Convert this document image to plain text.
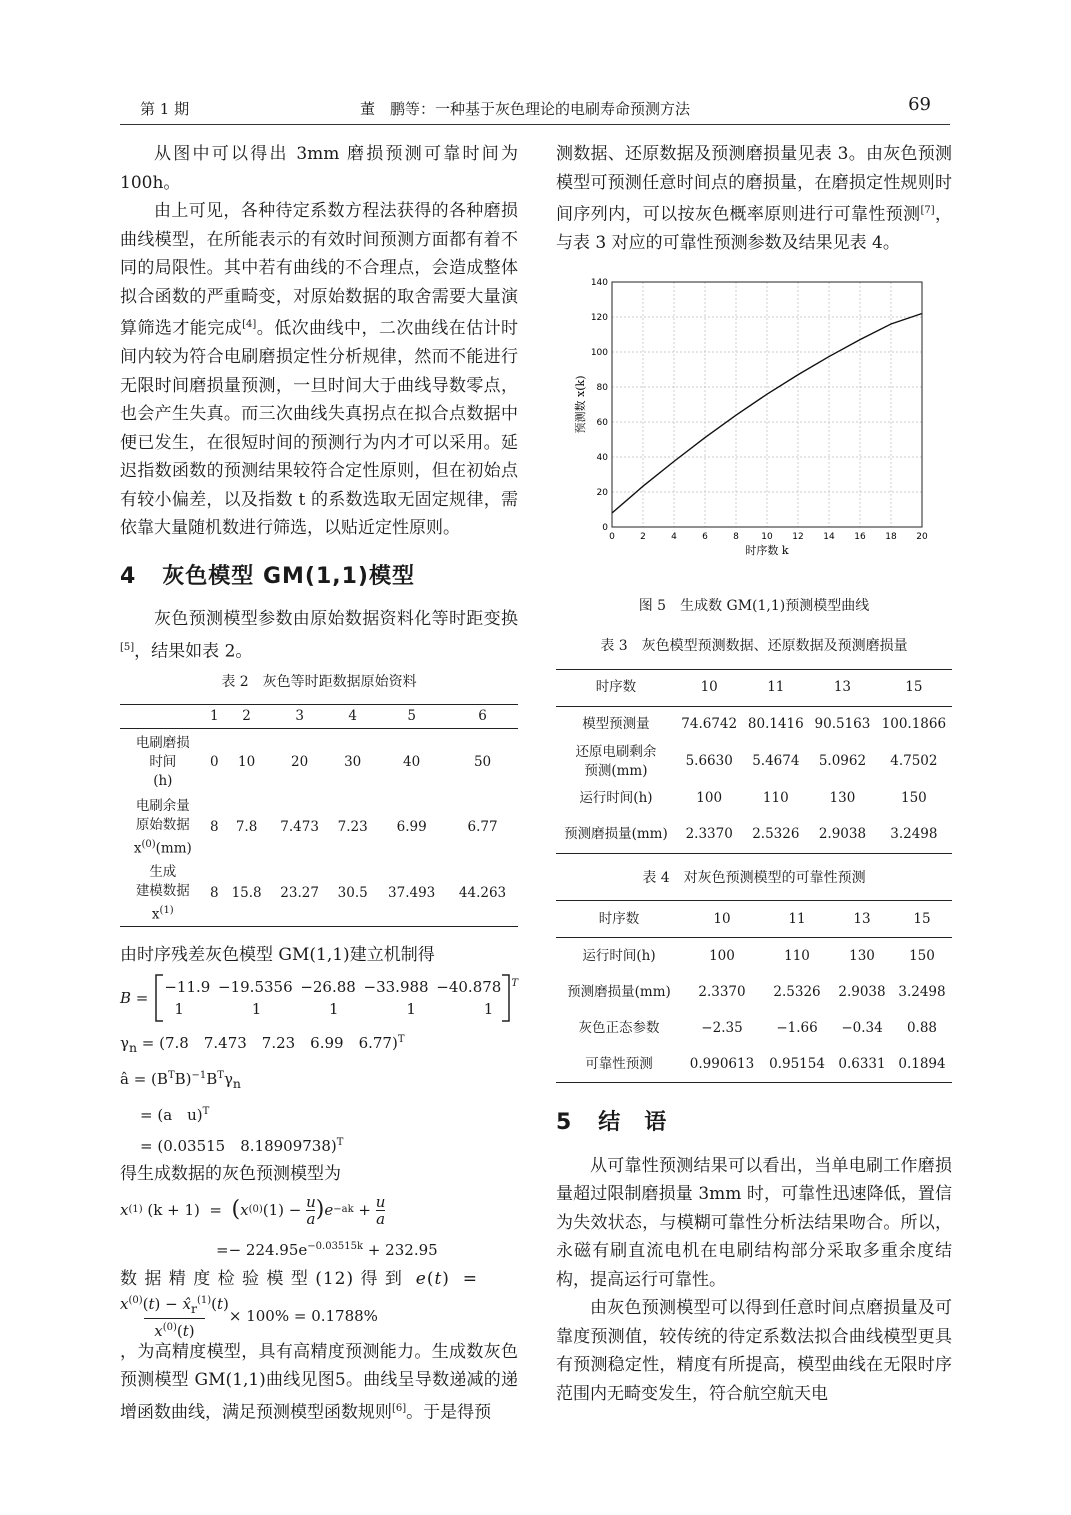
第 1 期	董　鹏等：一种基于灰色理论的电刷寿命预测方法	69

从图中可以得出 3mm 磨损预测可靠时间为100h。

由上可见，各种待定系数方程法获得的各种磨损曲线模型，在所能表示的有效时间预测方面都有着不同的局限性。其中若有曲线的不合理点，会造成整体拟合函数的严重畸变，对原始数据的取舍需要大量演算筛选才能完成[4]。低次曲线中，二次曲线在估计时间内较为符合电刷磨损定性分析规律，然而不能进行无限时间磨损量预测，一旦时间大于曲线导数零点，也会产生失真。而三次曲线失真拐点在拟合点数据中便已发生，在很短时间的预测行为内才可以采用。延迟指数函数的预测结果较符合定性原则，但在初始点有较小偏差，以及指数 t 的系数选取无固定规律，需依靠大量随机数进行筛选，以贴近定性原则。

4 灰色模型 GM(1,1)模型

灰色预测模型参数由原始数据资料化等时距变换[5]，结果如表 2。

表 2　灰色等时距数据原始资料
	1	2	3	4	5	6
电刷磨损
时间
(h)	0	10	20	30	40	50
电刷余量
原始数据
$x^{(0)}(mm)$	8	7.8	7.473	7.23	6.99	6.77
生成
建模数据
$x^{(1)}$	8	15.8	23.27	30.5	37.493	44.263

由时序残差灰色模型 GM(1,1)建立机制得

B =
−11.9 −19.5356 −26.88 −33.988 −40.878
1	1	1	1	1
$^T$
$\gamma_n = (7.8$　7.473　7.23　6.99　6.77)$^T$
â = $(B^TB)^{-1}B^T\gamma_n$
= (a　u)$^T$
= (0.03515　8.18909738)$^T$

得生成数据的灰色预测模型为

x (1) (k + 1)  = ( x (0) (1) − u
a ) e −ak + u
a
=− $224.95e^{-0.03515k} + 232.95$

数 据 精 度 检 验 模 型 (12) 得 到 e(t)  =

$\frac{x^{(0)}(t) - x̂_r^{(1)}(t)}{x^{(0)}(t)} \times 100\% = 0.1788\%$

，为高精度模型，具有高精度预测能力。生成数灰色预测模型 GM(1,1)曲线见图5。曲线呈导数递减的递增函数曲线，满足预测模型函数规则[6]。于是得预

测数据、还原数据及预测磨损量见表 3。由灰色预测模型可预测任意时间点的磨损量，在磨损定性规则时间序列内，可以按灰色概率原则进行可靠性预测[7]，与表 3 对应的可靠性预测参数及结果见表 4。

0	2	4	6	8 10 12 14 16 18 20
0
20
40
60
80
100
120
140
时序数 k
预测数 x(k)
图 5　生成数 GM(1,1)预测模型曲线
表 3　灰色模型预测数据、还原数据及预测磨损量
时序数	10	11	13	15
模型预测量	74.6742	80.1416	90.5163	100.1866
还原电刷剩余
预测(mm)	5.6630	5.4674	5.0962	4.7502
运行时间(h)	100	110	130	150
预测磨损量(mm)	2.3370	2.5326	2.9038	3.2498
表 4　对灰色预测模型的可靠性预测
时序数	10	11	13	15
运行时间(h)	100	110	130	150
预测磨损量(mm)	2.3370	2.5326	2.9038	3.2498
灰色正态参数	−2.35	−1.66	−0.34	0.88
可靠性预测	0.990613	0.95154	0.6331	0.1894
5 结　语

从可靠性预测结果可以看出，当单电刷工作磨损量超过限制磨损量 3mm 时，可靠性迅速降低，置信为失效状态，与模糊可靠性分析法结果吻合。所以，永磁有刷直流电机在电刷结构部分采取多重余度结构，提高运行可靠性。

由灰色预测模型可以得到任意时间点磨损量及可靠度预测值，较传统的待定系数法拟合曲线模型更具有预测稳定性，精度有所提高，模型曲线在无限时序范围内无畸变发生，符合航空航天电
